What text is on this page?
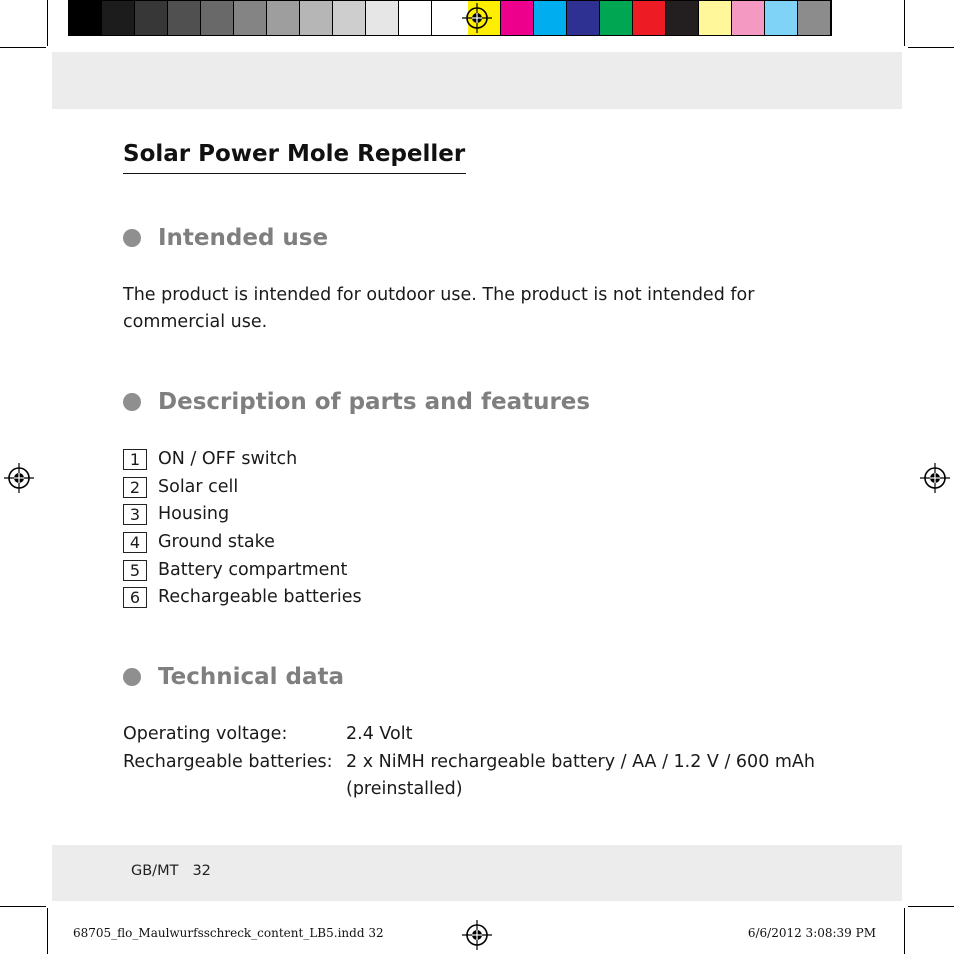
Solar Power Mole Repeller
Intended use
The product is intended for outdoor use. The product is not intended for commercial use.
Description of parts and features
1	ON / OFF switch
2	Solar cell
3	Housing
4	Ground stake
5	Battery compartment
6	Rechargeable batteries
Technical data
Operating voltage:	2.4 Volt
Rechargeable batteries: 2 x NiMH rechargeable battery / AA / 1.2 V / 600 mAh (preinstalled)
GB/MT 32
68705_flo_Maulwurfsschreck_content_LB5.indd 32	6/6/2012 3:08:39 PM
